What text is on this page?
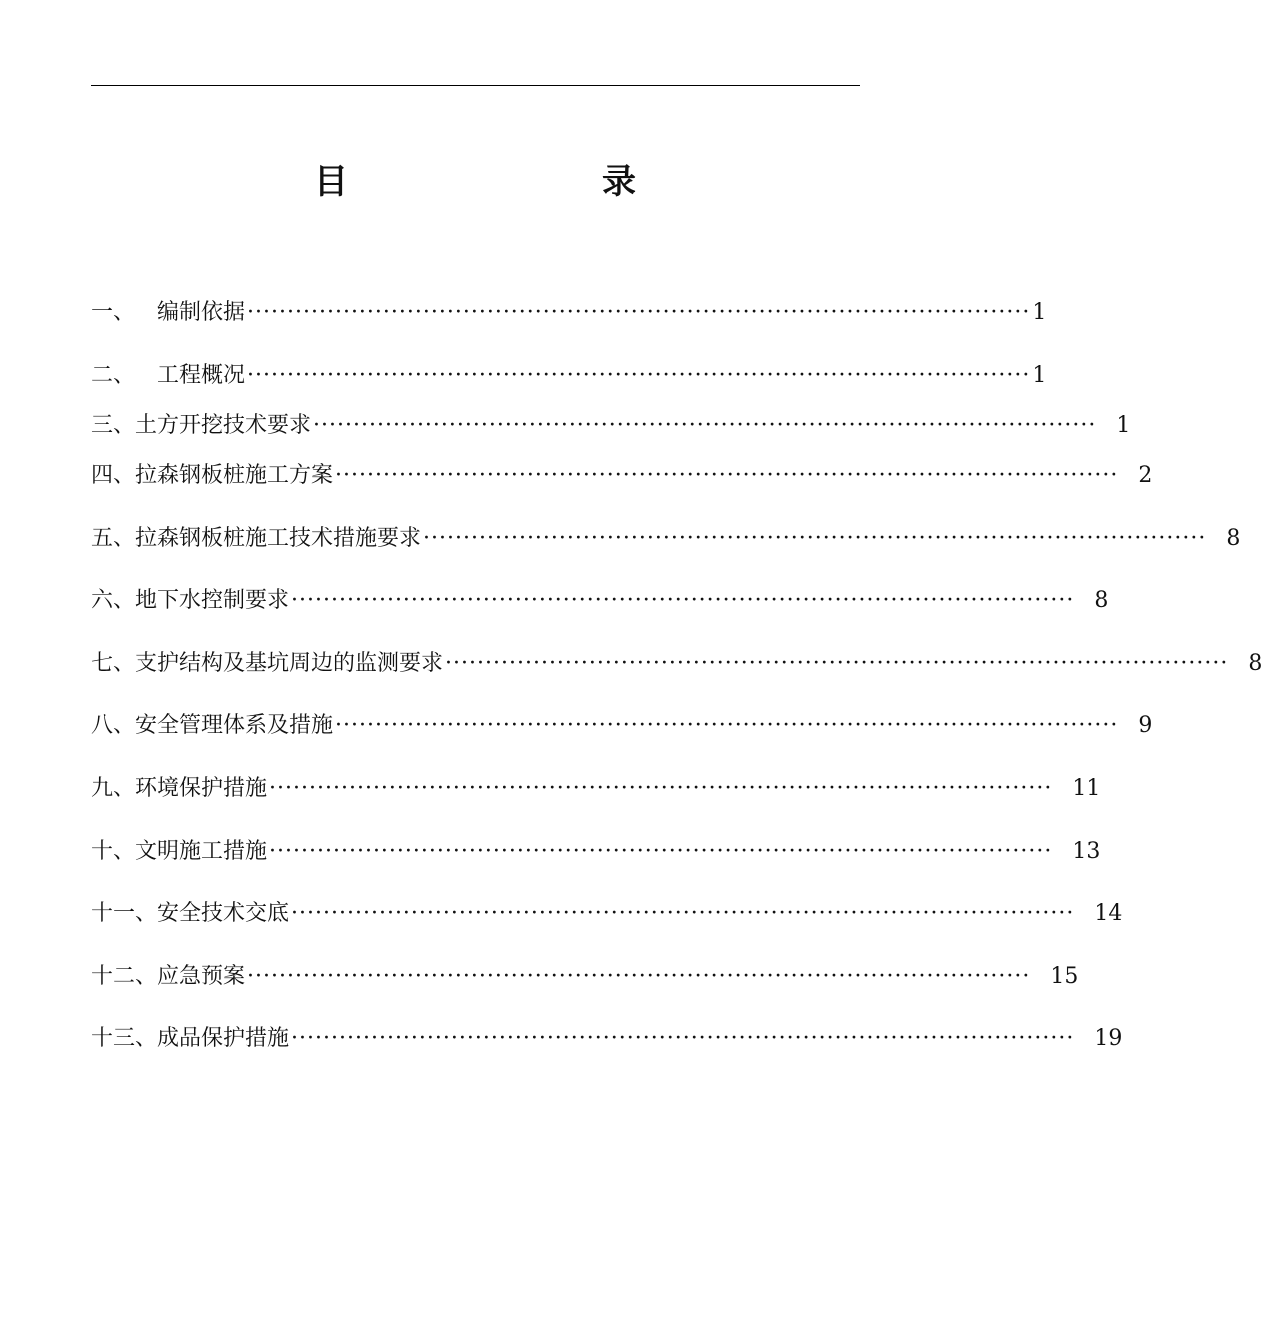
目　　录
一、	编制依据 ·································································································· 1
二、	工程概况 ·································································································· 1
三、 土方开挖技术要求 ·································································································· 1
四、 拉森钢板桩施工方案 ·································································································· 2
五、 拉森钢板桩施工技术措施要求 ·································································································· 8
六、 地下水控制要求 ·································································································· 8
七、 支护结构及基坑周边的监测要求 ·································································································· 8
八、 安全管理体系及措施 ·································································································· 9
九、 环境保护措施 ·································································································· 11
十、 文明施工措施 ·································································································· 13
十一、 安全技术交底 ·································································································· 14
十二、 应急预案 ·································································································· 15
十三、 成品保护措施 ·································································································· 19
